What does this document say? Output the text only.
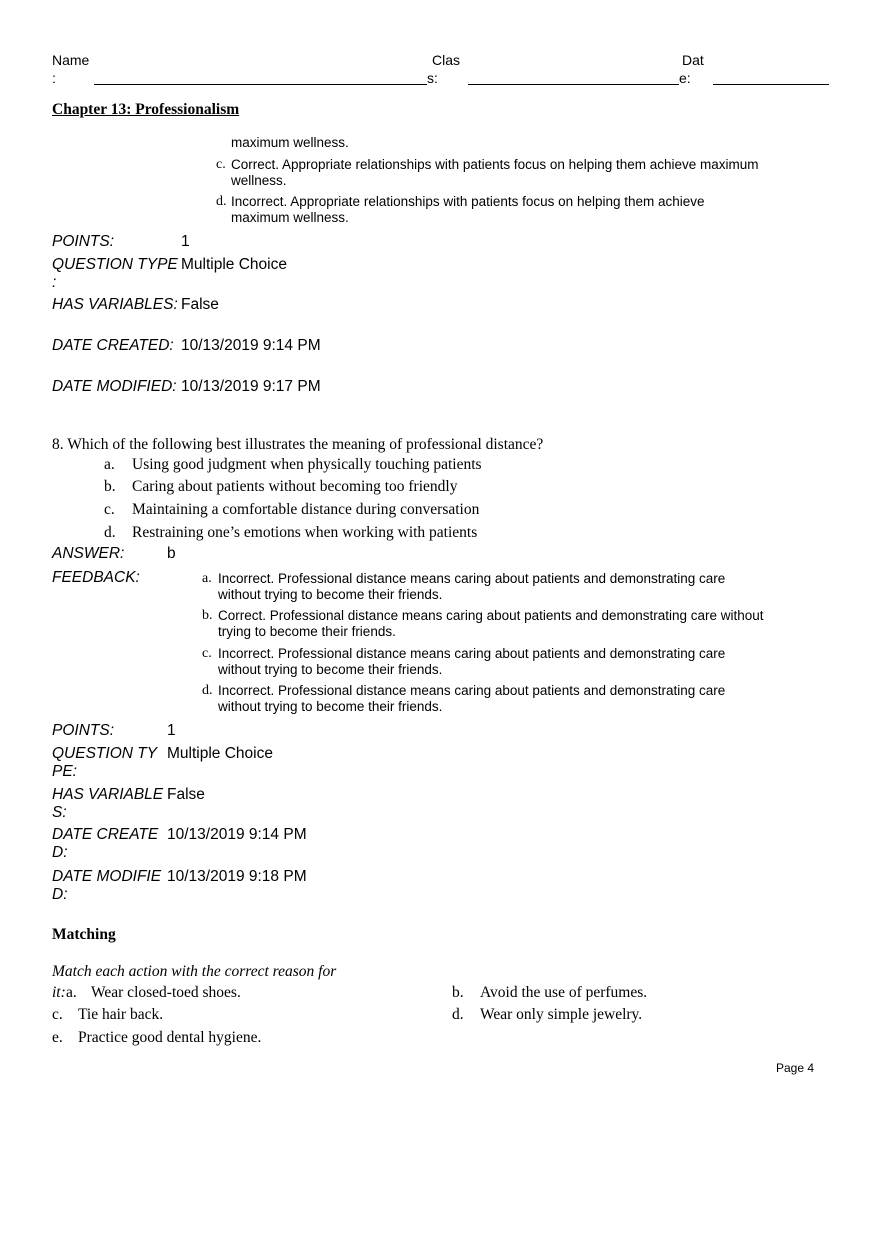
Name
:
Clas
s:
Dat
e:
Chapter 13: Professionalism
maximum wellness.
c. Correct. Appropriate relationships with patients focus on helping them achieve maximum
wellness.
d. Incorrect. Appropriate relationships with patients focus on helping them achieve
maximum wellness.
POINTS:	1
QUESTION TYPE
:
Multiple Choice
HAS VARIABLES: False
DATE CREATED: 10/13/2019 9:14 PM
DATE MODIFIED: 10/13/2019 9:17 PM
8. Which of the following best illustrates the meaning of professional distance?
a. Using good judgment when physically touching patients
b. Caring about patients without becoming too friendly
c. Maintaining a comfortable distance during conversation
d. Restraining one’s emotions when working with patients
ANSWER:	b
FEEDBACK:	a. Incorrect. Professional distance means caring about patients and demonstrating care
without trying to become their friends.
b. Correct. Professional distance means caring about patients and demonstrating care without
trying to become their friends.
c. Incorrect. Professional distance means caring about patients and demonstrating care
without trying to become their friends.
d. Incorrect. Professional distance means caring about patients and demonstrating care
without trying to become their friends.
POINTS:	1
QUESTION TY
PE:
Multiple Choice
HAS VARIABLE
S:
False
DATE CREATE
D:
10/13/2019 9:14 PM
DATE MODIFIE
D:
10/13/2019 9:18 PM
Matching
Match each action with the correct reason for
it: a. Wear closed-toed shoes.	b. Avoid the use of perfumes.
c. Tie hair back.	d. Wear only simple jewelry.
e. Practice good dental hygiene.
Page 4
